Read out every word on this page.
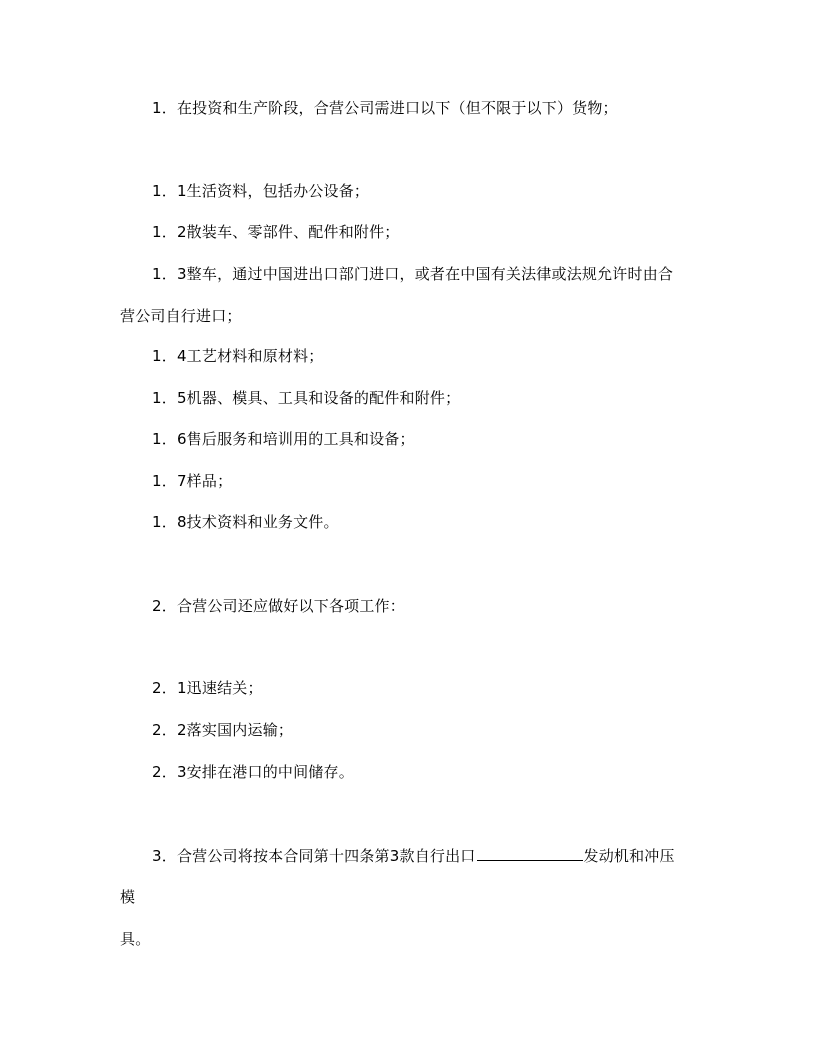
1．在投资和生产阶段，合营公司需进口以下（但不限于以下）货物；
1．1生活资料，包括办公设备；
1．2散装车、零部件、配件和附件；
1．3整车，通过中国进出口部门进口，或者在中国有关法律或法规允许时由合
营公司自行进口；
1．4工艺材料和原材料；
1．5机器、模具、工具和设备的配件和附件；
1．6售后服务和培训用的工具和设备；
1．7样品；
1．8技术资料和业务文件。
2．合营公司还应做好以下各项工作：
2．1迅速结关；
2．2落实国内运输；
2．3安排在港口的中间储存。
3．合营公司将按本合同第十四条第3款自行出口	发动机和冲压
模
具。
